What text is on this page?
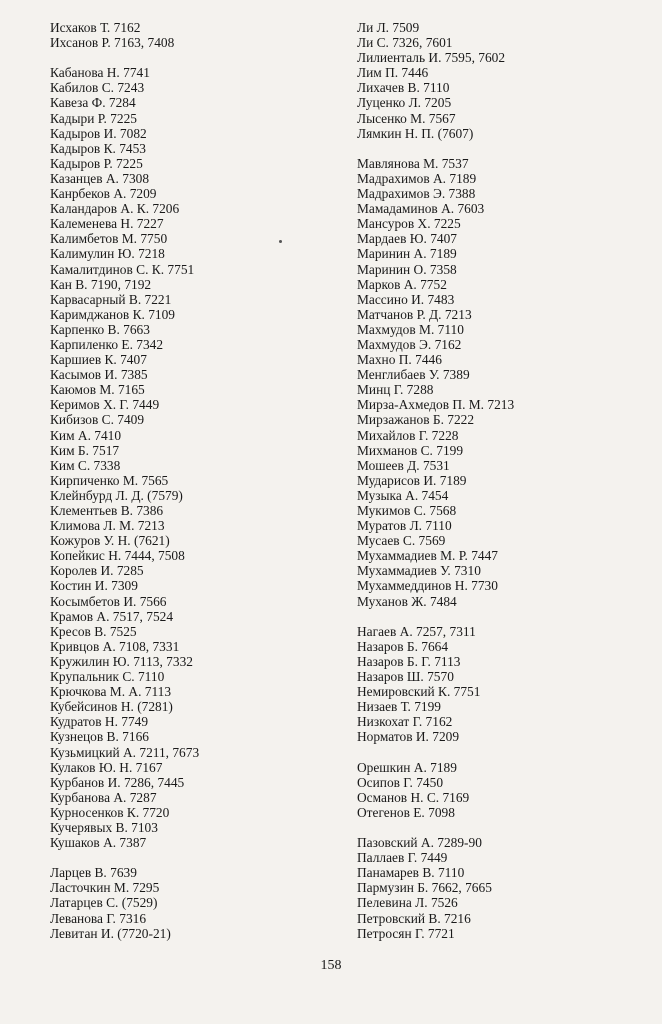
Исхаков Т. 7162
Ихсанов Р. 7163, 7408
Кабанова Н. 7741
Кабилов С. 7243
Кавеза Ф. 7284
Кадыри Р. 7225
Кадыров И. 7082
Кадыров К. 7453
Кадыров Р. 7225
Казанцев А. 7308
Канрбеков А. 7209
Каландаров А. К. 7206
Калеменева Н. 7227
Калимбетов М. 7750
Калимулин Ю. 7218
Камалитдинов С. К. 7751
Кан В. 7190, 7192
Карвасарный В. 7221
Каримджанов К. 7109
Карпенко В. 7663
Карпиленко Е. 7342
Каршиев К. 7407
Касымов И. 7385
Каюмов М. 7165
Керимов Х. Г. 7449
Кибизов С. 7409
Ким А. 7410
Ким Б. 7517
Ким С. 7338
Кирпиченко М. 7565
Клейнбурд Л. Д. (7579)
Клементьев В. 7386
Климова Л. М. 7213
Кожуров У. Н. (7621)
Копейкис Н. 7444, 7508
Королев И. 7285
Костин И. 7309
Косымбетов И. 7566
Крамов А. 7517, 7524
Кресов В. 7525
Кривцов А. 7108, 7331
Кружилин Ю. 7113, 7332
Крупальник С. 7110
Крючкова М. А. 7113
Кубейсинов Н. (7281)
Кудратов Н. 7749
Кузнецов В. 7166
Кузьмицкий А. 7211, 7673
Кулаков Ю. Н. 7167
Курбанов И. 7286, 7445
Курбанова А. 7287
Курносенков К. 7720
Кучерявых В. 7103
Кушаков А. 7387
Ларцев В. 7639
Ласточкин М. 7295
Латарцев С. (7529)
Леванова Г. 7316
Левитан И. (7720-21)
Ли Л. 7509
Ли С. 7326, 7601
Лилиенталь И. 7595, 7602
Лим П. 7446
Лихачев В. 7110
Луценко Л. 7205
Лысенко М. 7567
Лямкин Н. П. (7607)
Мавлянова М. 7537
Мадрахимов А. 7189
Мадрахимов Э. 7388
Мамадаминов А. 7603
Мансуров Х. 7225
Мардаев Ю. 7407
Маринин А. 7189
Маринин О. 7358
Марков А. 7752
Массино И. 7483
Матчанов Р. Д. 7213
Махмудов М. 7110
Махмудов Э. 7162
Махно П. 7446
Менглибаев У. 7389
Минц Г. 7288
Мирза-Ахмедов П. М. 7213
Мирзажанов Б. 7222
Михайлов Г. 7228
Михманов С. 7199
Мошеев Д. 7531
Мударисов И. 7189
Музыка А. 7454
Мукимов С. 7568
Муратов Л. 7110
Мусаев С. 7569
Мухаммадиев М. Р. 7447
Мухаммадиев У. 7310
Мухаммеддинов Н. 7730
Муханов Ж. 7484
Нагаев А. 7257, 7311
Назаров Б. 7664
Назаров Б. Г. 7113
Назаров Ш. 7570
Немировский К. 7751
Низаев Т. 7199
Низкохат Г. 7162
Норматов И. 7209
Орешкин А. 7189
Осипов Г. 7450
Османов Н. С. 7169
Отегенов Е. 7098
Пазовский А. 7289-90
Паллаев Г. 7449
Панамарев В. 7110
Пармузин Б. 7662, 7665
Пелевина Л. 7526
Петровский В. 7216
Петросян Г. 7721
158
